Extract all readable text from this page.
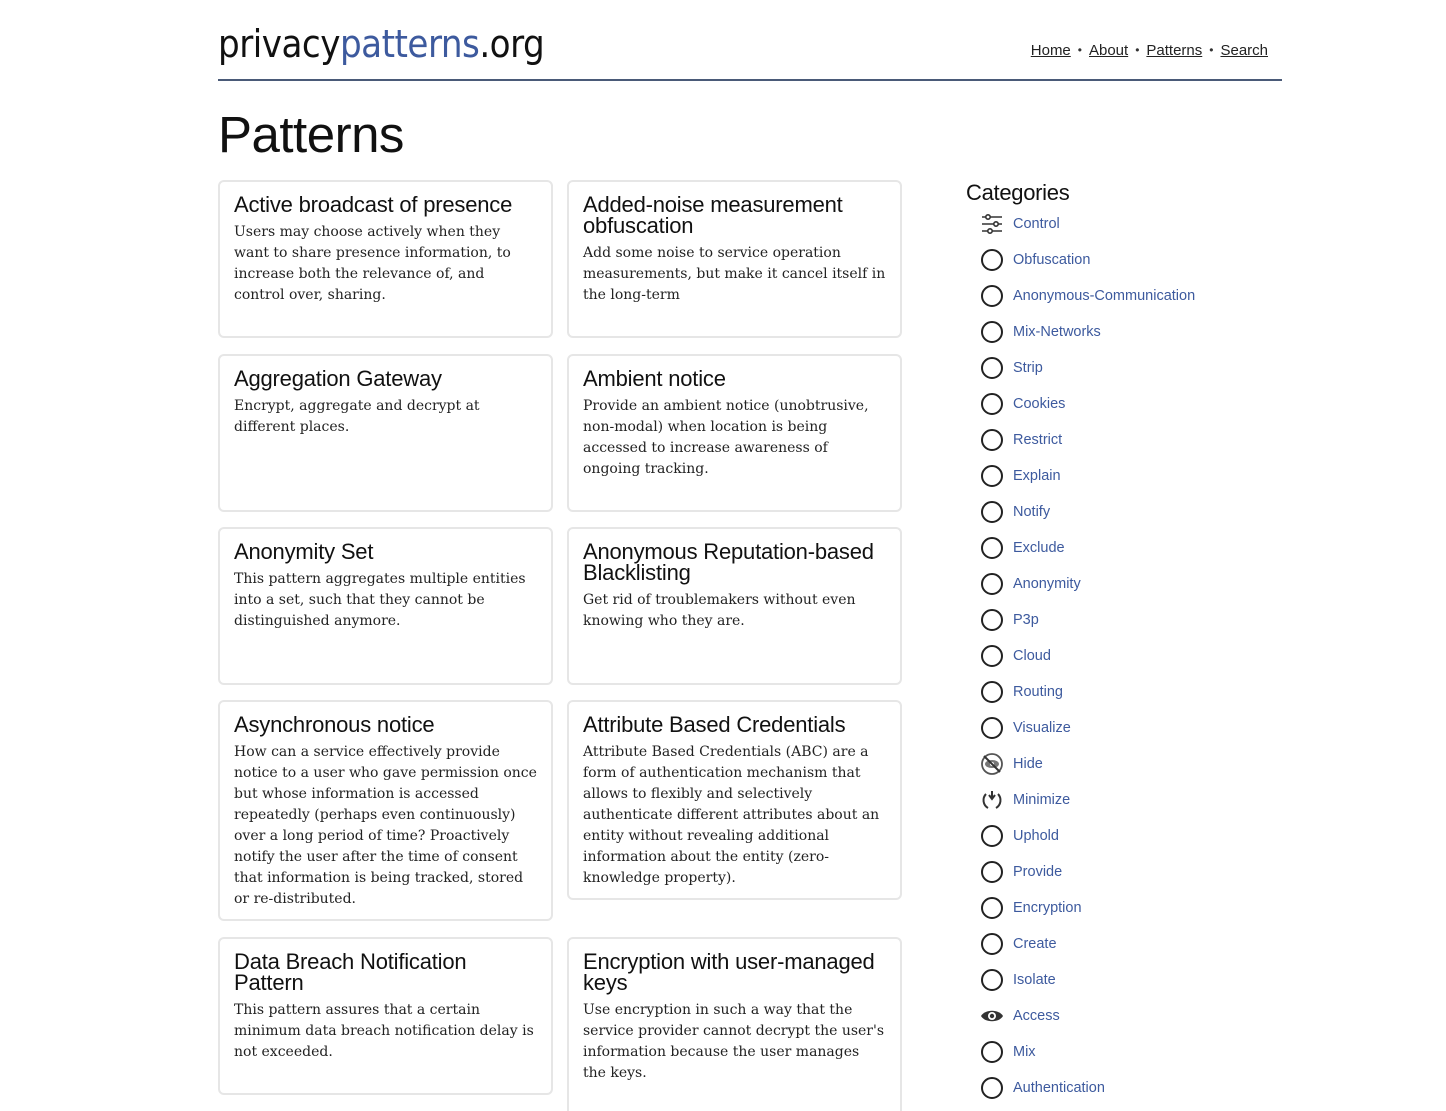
privacypatterns.org	Home • About • Patterns • Search
Patterns
Active broadcast of presence

Users may choose actively when they want to share presence information, to increase both the relevance of, and control over, sharing.

Added-noise measurement obfuscation

Add some noise to service operation measurements, but make it cancel itself in the long-term

Aggregation Gateway

Encrypt, aggregate and decrypt at different places.

Ambient notice

Provide an ambient notice (unobtrusive, non-modal) when location is being accessed to increase awareness of ongoing tracking.

Anonymity Set

This pattern aggregates multiple entities into a set, such that they cannot be distinguished anymore.

Anonymous Reputation-based Blacklisting

Get rid of troublemakers without even knowing who they are.

Asynchronous notice

How can a service effectively provide notice to a user who gave permission once but whose information is accessed repeatedly (perhaps even continuously) over a long period of time? Proactively notify the user after the time of consent that information is being tracked, stored or re-distributed.

Attribute Based Credentials

Attribute Based Credentials (ABC) are a form of authentication mechanism that allows to flexibly and selectively authenticate different attributes about an entity without revealing additional information about the entity (zero-knowledge property).

Data Breach Notification Pattern

This pattern assures that a certain minimum data breach notification delay is not exceeded.

Encryption with user-managed keys

Use encryption in such a way that the service provider cannot decrypt the user's information because the user manages the keys.

Categories
Control
Obfuscation
Anonymous-Communication
Mix-Networks
Strip
Cookies
Restrict
Explain
Notify
Exclude
Anonymity
P3p
Cloud
Routing
Visualize
Hide
Minimize
Uphold
Provide
Encryption
Create
Isolate
Access
Mix
Authentication
